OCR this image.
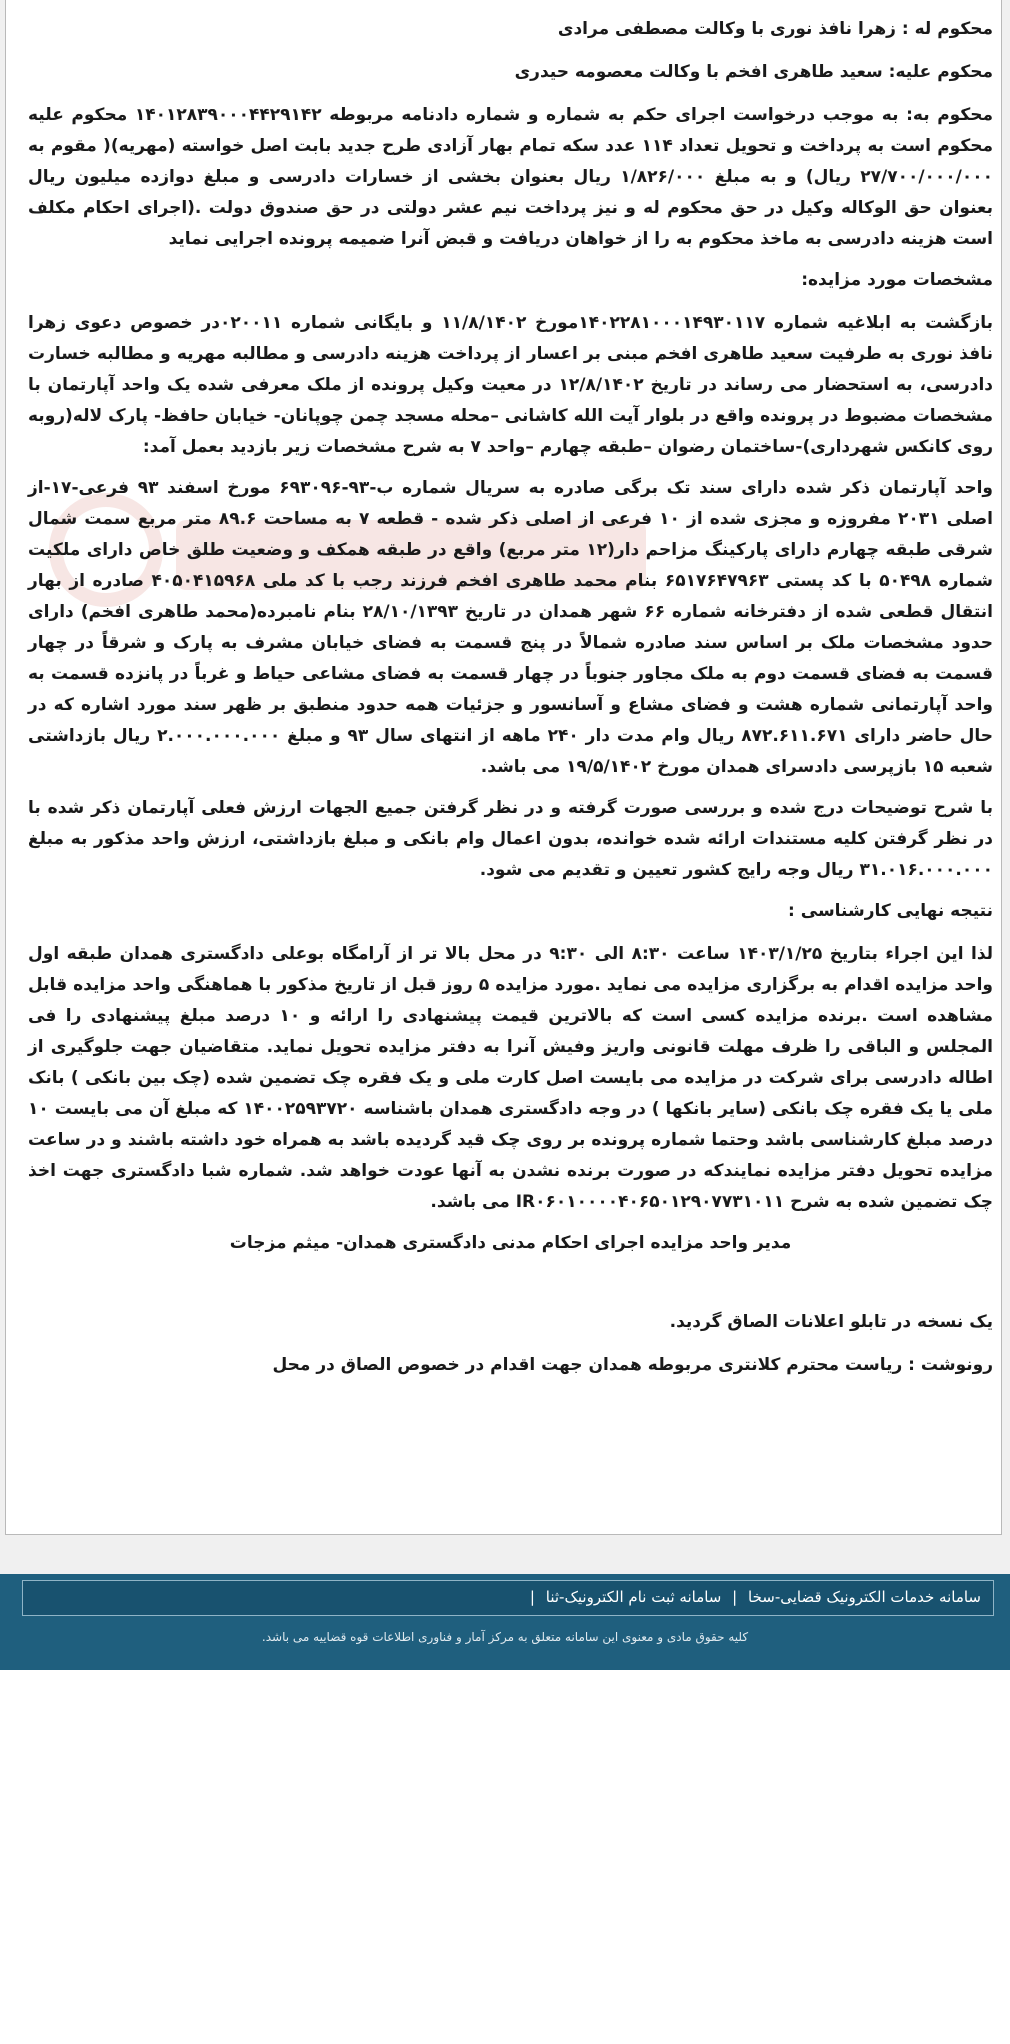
محکوم له : زهرا نافذ نوری با وکالت مصطفی مرادی

محکوم علیه: سعید طاهری افخم با وکالت معصومه حیدری

محکوم به: به موجب درخواست اجرای حکم به شماره و شماره دادنامه مربوطه ۱۴۰۱۲۸۳۹۰۰۰۴۴۲۹۱۴۲ محکوم علیه محکوم است به پرداخت و تحویل تعداد ۱۱۴ عدد سکه تمام بهار آزادی طرح جدید بابت اصل خواسته (مهریه)( مقوم به ۲۷/۷۰۰/۰۰۰/۰۰۰ ریال) و به مبلغ ۱/۸۲۶/۰۰۰ ریال بعنوان بخشی از خسارات دادرسی و مبلغ دوازده میلیون ریال بعنوان حق الوکاله وکیل در حق محکوم له و نیز پرداخت نیم عشر دولتی در حق صندوق دولت .(اجرای احکام مکلف است هزینه دادرسی به ماخذ محکوم به را از خواهان دریافت و قبض آنرا ضمیمه پرونده اجرایی نماید

مشخصات مورد مزایده:

بازگشت به ابلاغیه شماره ۱۴۰۲۲۸۱۰۰۰۱۴۹۳۰۱۱۷مورخ ۱۱/۸/۱۴۰۲ و بایگانی شماره ۰۲۰۰۱۱در خصوص دعوی زهرا نافذ نوری به طرفیت سعید طاهری افخم مبنی بر اعسار از پرداخت هزینه دادرسی و مطالبه مهریه و مطالبه خسارت دادرسی، به استحضار می رساند در تاریخ ۱۲/۸/۱۴۰۲ در معیت وکیل پرونده از ملک معرفی شده یک واحد آپارتمان با مشخصات مضبوط در پرونده واقع در بلوار آیت الله کاشانی –محله مسجد چمن چوپانان- خیابان حافظ- پارک لاله(روبه روی کانکس شهرداری)-ساختمان رضوان –طبقه چهارم –واحد ۷ به شرح مشخصات زیر بازدید بعمل آمد:

واحد آپارتمان ذکر شده دارای سند تک برگی صادره به سریال شماره ب-۹۳-۶۹۳۰۹۶ مورخ اسفند ۹۳ فرعی-۱۷-از اصلی ۲۰۳۱ مفروزه و مجزی شده از ۱۰ فرعی از اصلی ذکر شده - قطعه ۷ به مساحت ۸۹.۶ متر مربع سمت شمال شرقی طبقه چهارم دارای پارکینگ مزاحم دار(۱۲ متر مربع) واقع در طبقه همکف و وضعیت طلق خاص دارای ملکیت شماره ۵۰۴۹۸ با کد پستی ۶۵۱۷۶۴۷۹۶۳ بنام محمد طاهری افخم فرزند رجب با کد ملی ۴۰۵۰۴۱۵۹۶۸ صادره از بهار انتقال قطعی شده از دفترخانه شماره ۶۶ شهر همدان در تاریخ ۲۸/۱۰/۱۳۹۳ بنام نامبرده(محمد طاهری افخم) دارای حدود مشخصات ملک بر اساس سند صادره شمالاً در پنج قسمت به فضای خیابان مشرف به پارک و شرقاً در چهار قسمت به فضای قسمت دوم به ملک مجاور جنوباً در چهار قسمت به فضای مشاعی حیاط و غرباً در پانزده قسمت به واحد آپارتمانی شماره هشت و فضای مشاع و آسانسور و جزئیات همه حدود منطبق بر ظهر سند مورد اشاره که در حال حاضر دارای ۸۷۲.۶۱۱.۶۷۱ ریال وام مدت دار ۲۴۰ ماهه از انتهای سال ۹۳ و مبلغ ۲.۰۰۰.۰۰۰.۰۰۰ ریال بازداشتی شعبه ۱۵ بازپرسی دادسرای همدان مورخ ۱۹/۵/۱۴۰۲ می باشد.

با شرح توضیحات درج شده و بررسی صورت گرفته و در نظر گرفتن جمیع الجهات ارزش فعلی آپارتمان ذکر شده با در نظر گرفتن کلیه مستندات ارائه شده خوانده، بدون اعمال وام بانکی و مبلغ بازداشتی، ارزش واحد مذکور به مبلغ ۳۱.۰۱۶.۰۰۰.۰۰۰ ریال وجه رایج کشور تعیین و تقدیم می شود.

نتیجه نهایی کارشناسی :

لذا این اجراء بتاریخ ۱۴۰۳/۱/۲۵ ساعت ۸:۳۰ الی ۹:۳۰ در محل بالا تر از آرامگاه بوعلی دادگستری همدان طبقه اول واحد مزایده اقدام به برگزاری مزایده می نماید .مورد مزایده ۵ روز قبل از تاریخ مذکور با هماهنگی واحد مزایده قابل مشاهده است .برنده مزایده کسی است که بالاترین قیمت پیشنهادی را ارائه و ۱۰ درصد مبلغ پیشنهادی را فی المجلس و الباقی را ظرف مهلت قانونی واریز وفیش آنرا به دفتر مزایده تحویل نماید. متقاضیان جهت جلوگیری از اطاله دادرسی برای شرکت در مزایده می بایست اصل کارت ملی و یک فقره چک تضمین شده (چک بین بانکی ) بانک ملی یا یک فقره چک بانکی (سایر بانکها ) در وجه دادگستری همدان باشناسه ۱۴۰۰۲۵۹۳۷۲۰ که مبلغ آن می بایست ۱۰ درصد مبلغ کارشناسی باشد وحتما شماره پرونده بر روی چک قید گردیده باشد به همراه خود داشته باشند و در ساعت مزایده تحویل دفتر مزایده نمایندکه در صورت برنده نشدن به آنها عودت خواهد شد. شماره شبا دادگستری جهت اخذ چک تضمین شده به شرح IR۰۶۰۱۰۰۰۰۴۰۶۵۰۱۲۹۰۷۷۳۱۰۱۱ می باشد.

مدیر واحد مزایده اجرای احکام مدنی دادگستری همدان- میثم مزجات

یک نسخه در تابلو اعلانات الصاق گردید.

رونوشت : ریاست محترم کلانتری مربوطه همدان جهت اقدام در خصوص الصاق در محل

سامانه خدمات الکترونیک قضایی-سخا | سامانه ثبت نام الکترونیک-ثنا |
کلیه حقوق مادی و معنوی این سامانه متعلق به مرکز آمار و فناوری اطلاعات قوه قضاییه می باشد.
